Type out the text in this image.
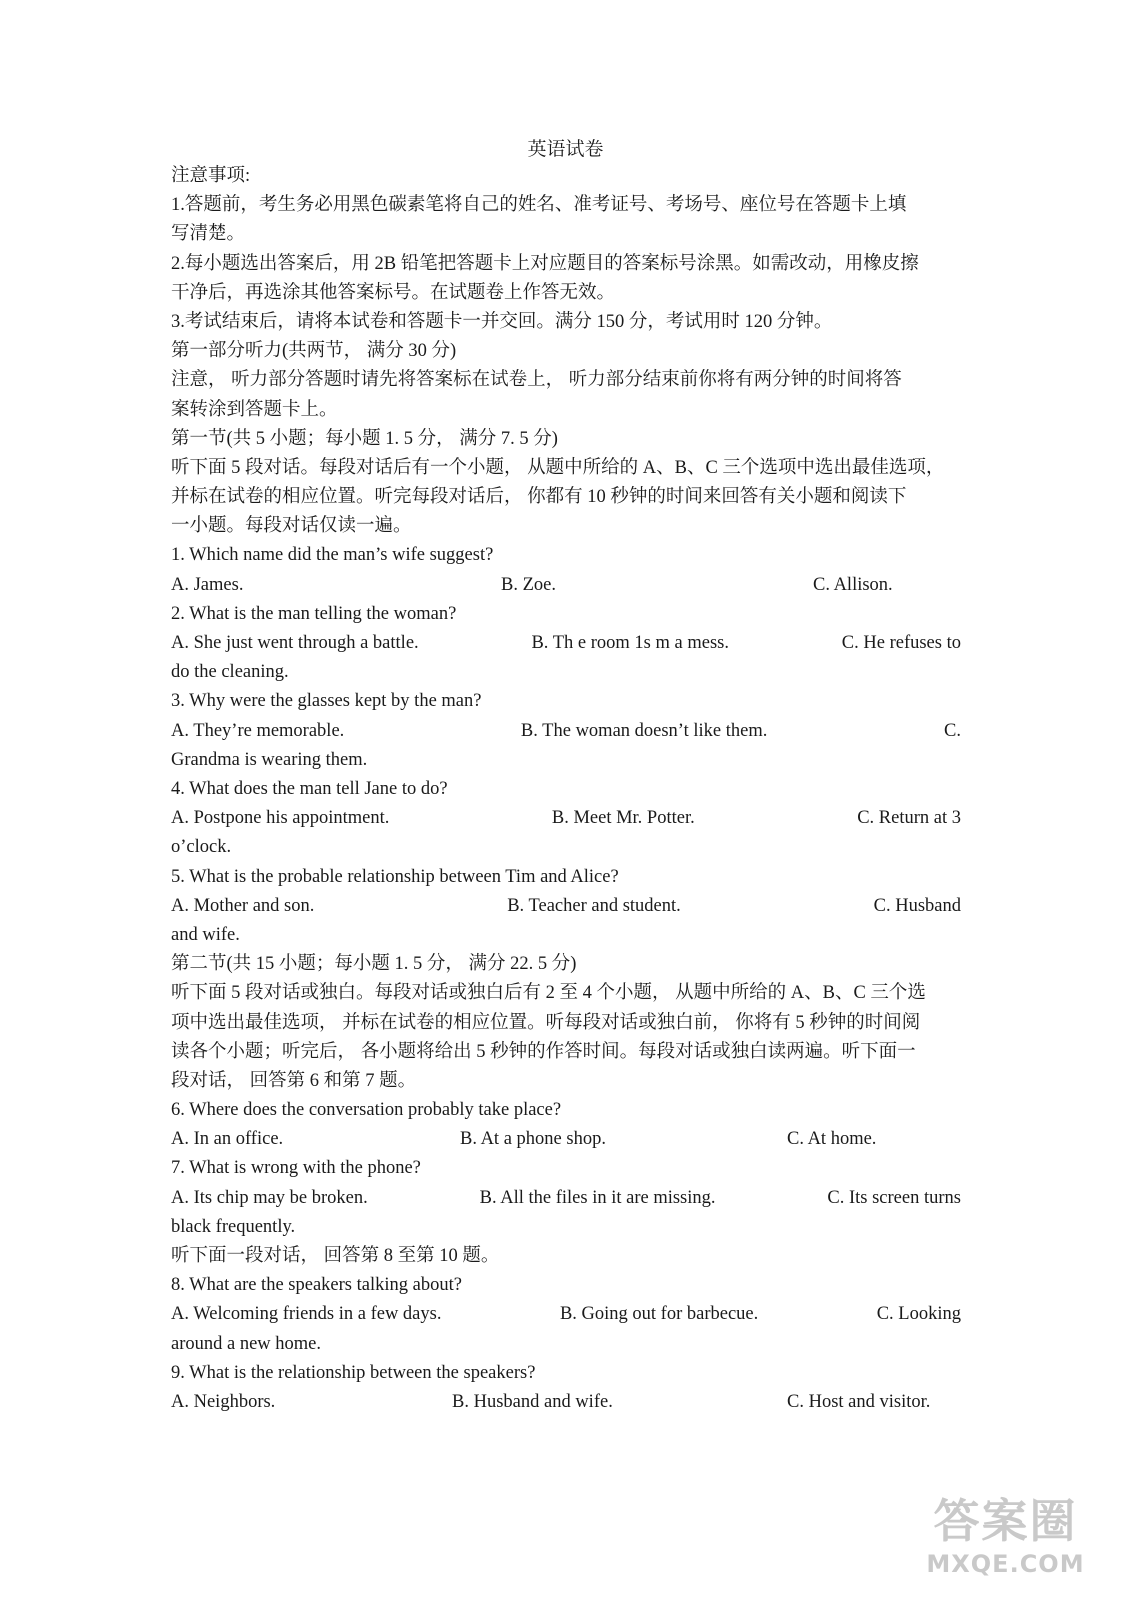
英语试卷
注意事项:
1.答题前，考生务必用黑色碳素笔将自己的姓名、准考证号、考场号、座位号在答题卡上填
写清楚。
2.每小题选出答案后，用 2B 铅笔把答题卡上对应题目的答案标号涂黑。如需改动，用橡皮擦
干净后，再选涂其他答案标号。在试题卷上作答无效。
3.考试结束后，请将本试卷和答题卡一并交回。满分 150 分，考试用时 120 分钟。
第一部分听力(共两节， 满分 30 分)
注意， 听力部分答题时请先将答案标在试卷上， 听力部分结束前你将有两分钟的时间将答
案转涂到答题卡上。
第一节(共 5 小题；每小题 1. 5 分， 满分 7. 5 分)
听下面 5 段对话。每段对话后有一个小题， 从题中所给的 A、B、C 三个选项中选出最佳选项，
并标在试卷的相应位置。听完每段对话后， 你都有 10 秒钟的时间来回答有关小题和阅读下
一小题。每段对话仅读一遍。
1. Which name did the man’s wife suggest?
A. James.	B. Zoe.	C. Allison.
2. What is the man telling the woman?
A. She just went through a battle.	B. Th e room 1s m a mess.	C. He refuses to
do the cleaning.
3. Why were the glasses kept by the man?
A. They’re memorable.	B. The woman doesn’t like them.	C.
Grandma is wearing them.
4. What does the man tell Jane to do?
A. Postpone his appointment.	B. Meet Mr. Potter.	C. Return at 3
o’clock.
5. What is the probable relationship between Tim and Alice?
A. Mother and son.	B. Teacher and student.	C. Husband
and wife.
第二节(共 15 小题；每小题 1. 5 分， 满分 22. 5 分)
听下面 5 段对话或独白。每段对话或独白后有 2 至 4 个小题， 从题中所给的 A、B、C 三个选
项中选出最佳选项， 并标在试卷的相应位置。听每段对话或独白前， 你将有 5 秒钟的时间阅
读各个小题；听完后， 各小题将给出 5 秒钟的作答时间。每段对话或独白读两遍。听下面一
段对话， 回答第 6 和第 7 题。
6. Where does the conversation probably take place?
A. In an office.	B. At a phone shop.	C. At home.
7. What is wrong with the phone?
A. Its chip may be broken.	B. All the files in it are missing.	C. Its screen turns
black frequently.
听下面一段对话， 回答第 8 至第 10 题。
8. What are the speakers talking about?
A. Welcoming friends in a few days.	B. Going out for barbecue.	C. Looking
around a new home.
9. What is the relationship between the speakers?
A. Neighbors.	B. Husband and wife.	C. Host and visitor.
答案圈
MXQE.COM
